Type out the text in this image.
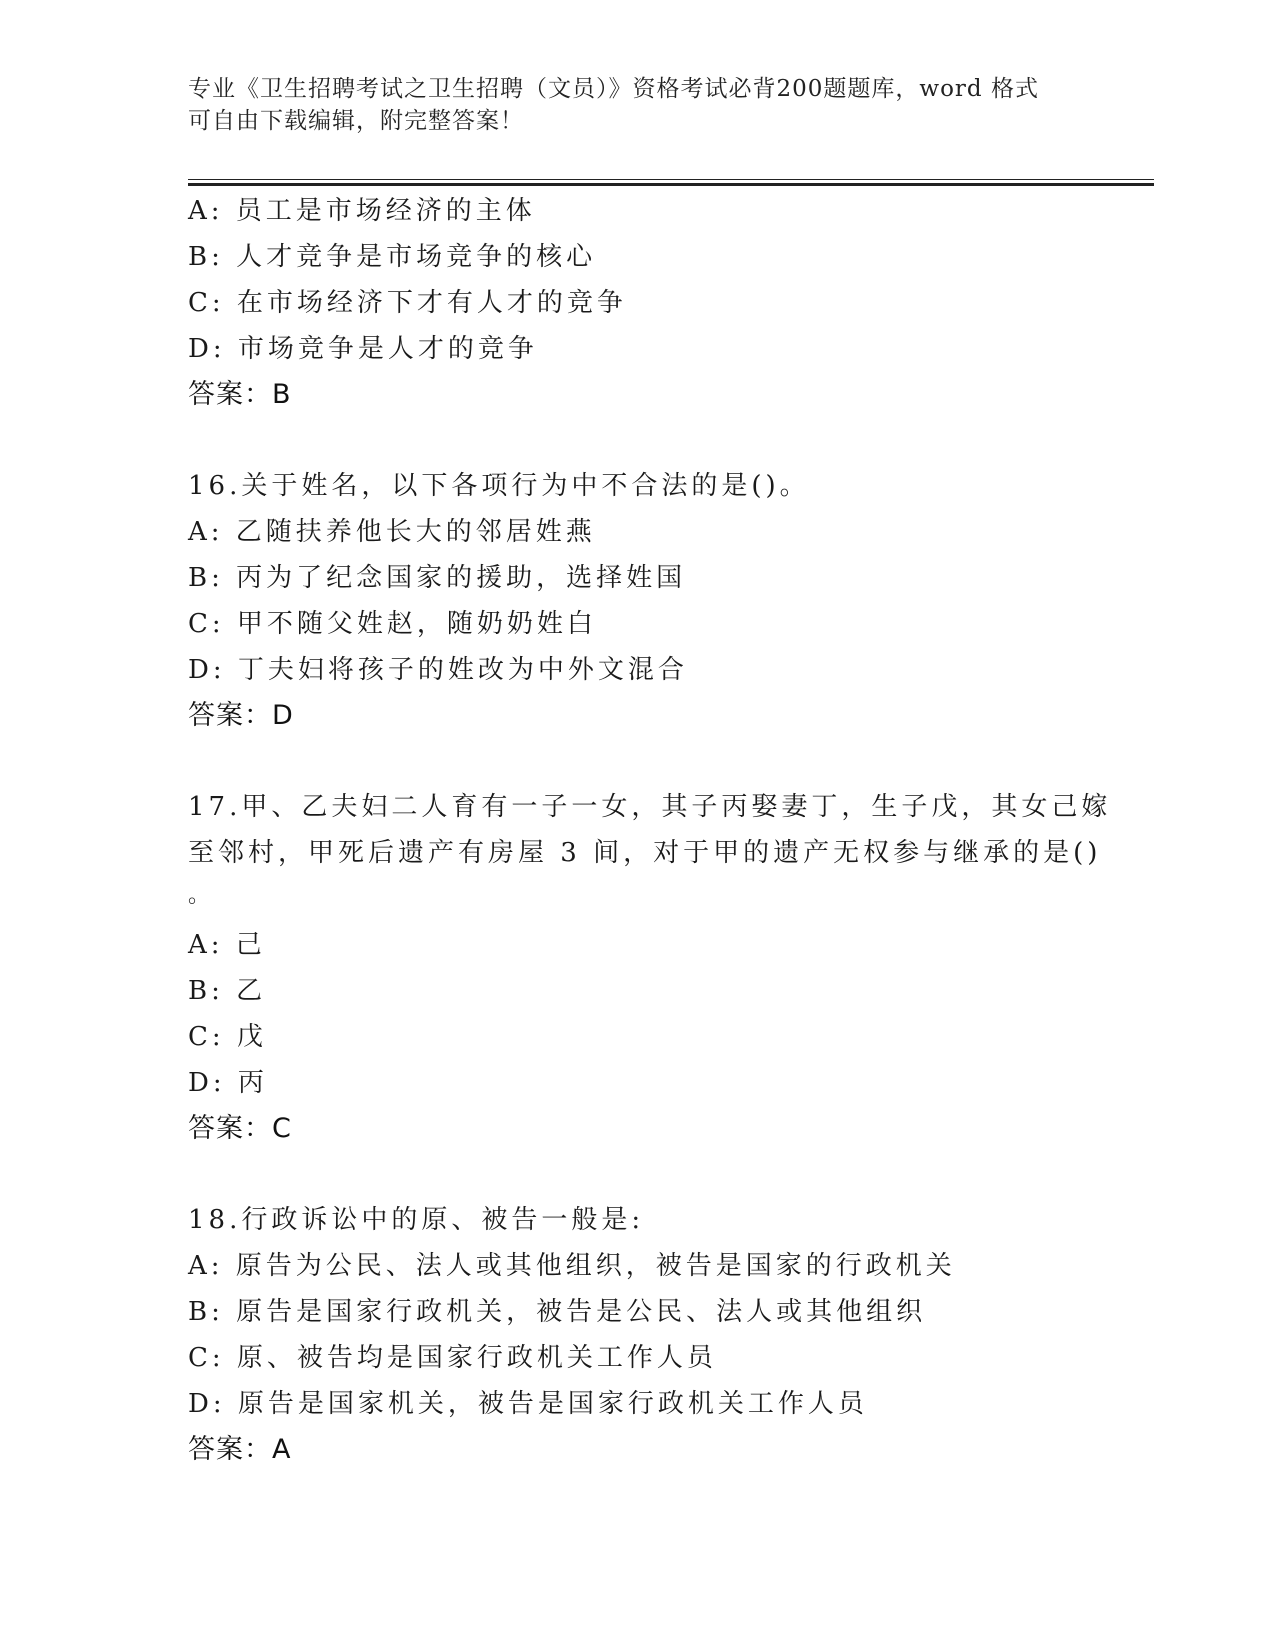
专业《卫生招聘考试之卫生招聘（文员）》资格考试必背200题题库，word 格式
可自由下载编辑，附完整答案！
A: 员工是市场经济的主体
B: 人才竞争是市场竞争的核心
C: 在市场经济下才有人才的竞争
D: 市场竞争是人才的竞争
答案：B
16.关于姓名，以下各项行为中不合法的是()。
A: 乙随扶养他长大的邻居姓燕
B: 丙为了纪念国家的援助，选择姓国
C: 甲不随父姓赵，随奶奶姓白
D: 丁夫妇将孩子的姓改为中外文混合
答案：D
17.甲、乙夫妇二人育有一子一女，其子丙娶妻丁，生子戊，其女己嫁
至邻村，甲死后遗产有房屋 3 间，对于甲的遗产无权参与继承的是()
。
A: 己
B: 乙
C: 戊
D: 丙
答案：C
18.行政诉讼中的原、被告一般是:
A: 原告为公民、法人或其他组织，被告是国家的行政机关
B: 原告是国家行政机关，被告是公民、法人或其他组织
C: 原、被告均是国家行政机关工作人员
D: 原告是国家机关，被告是国家行政机关工作人员
答案：A
